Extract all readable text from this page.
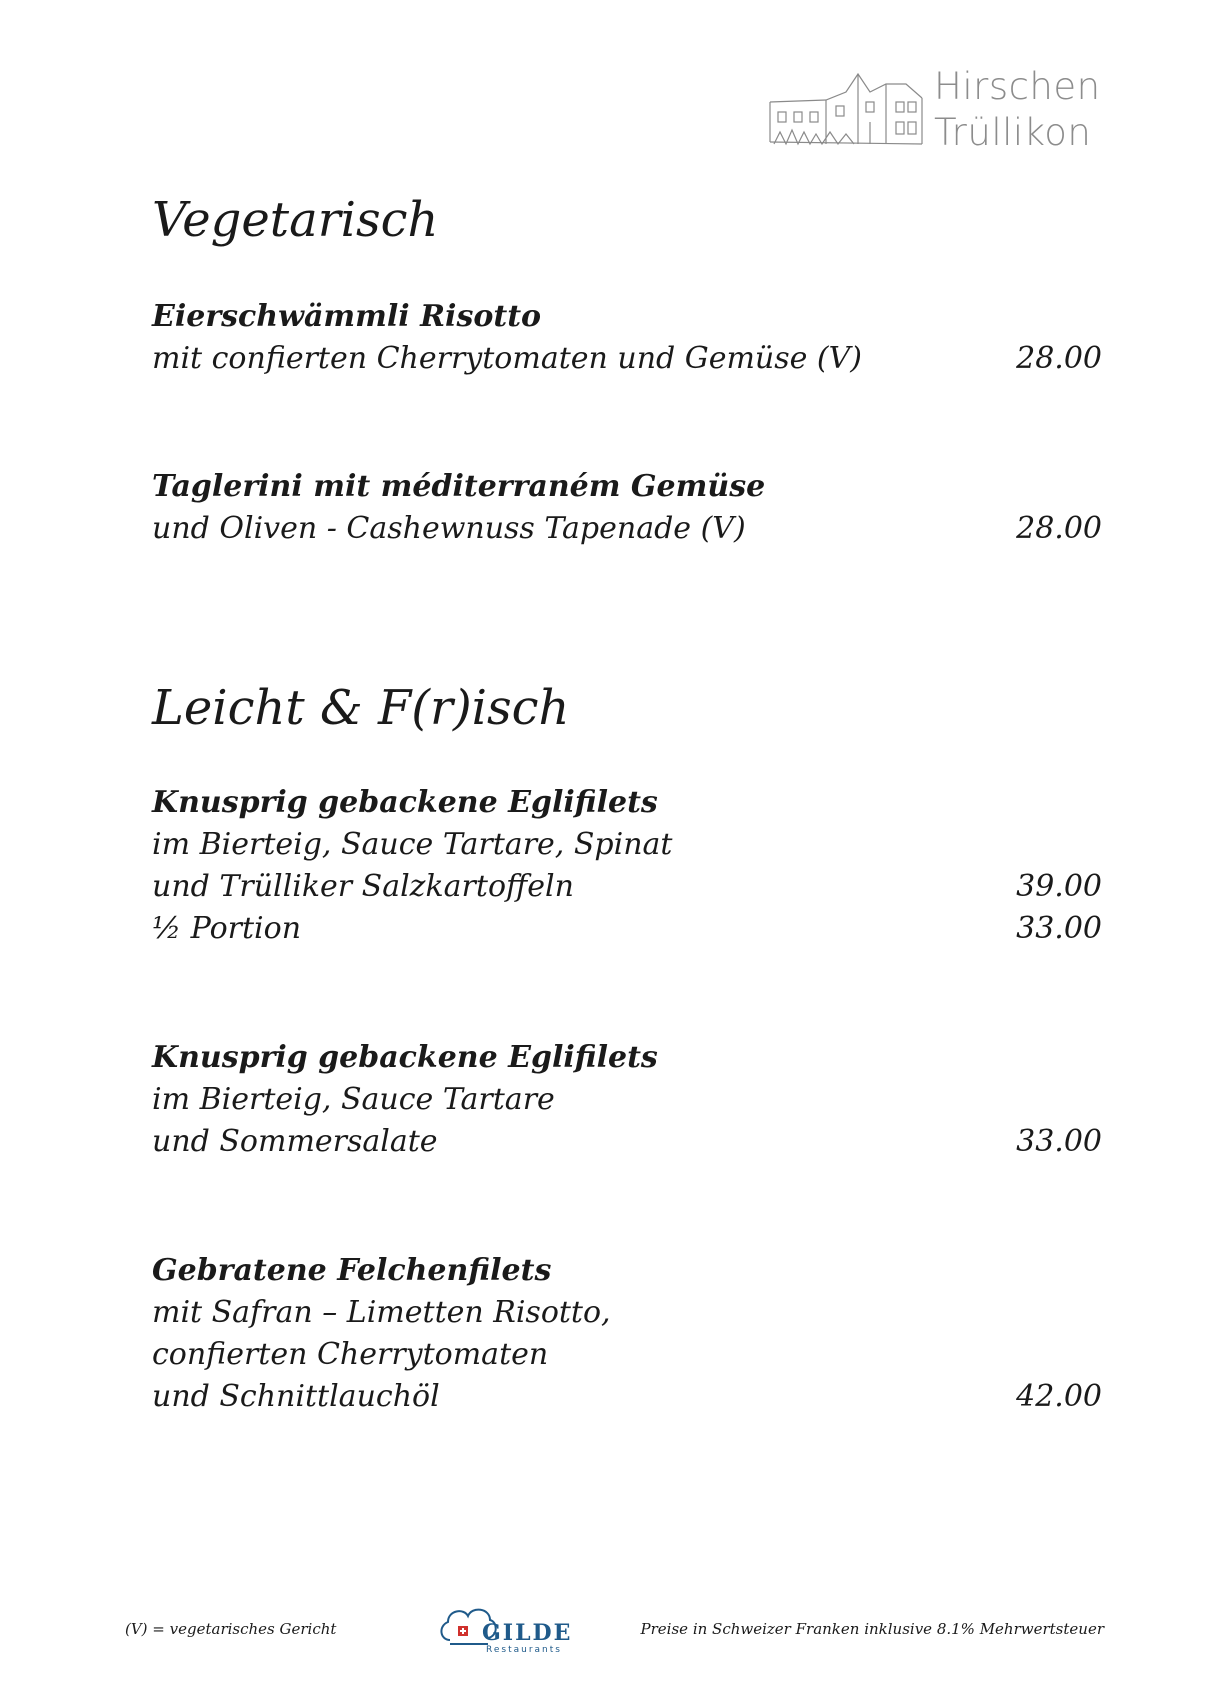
Hirschen
Trüllikon
Vegetarisch
Eierschwämmli Risotto
mit confierten Cherrytomaten und Gemüse (V)	28.00
Taglerini mit méditerraném Gemüse
und Oliven - Cashewnuss Tapenade (V)	28.00
Leicht & F(r)isch
Knusprig gebackene Eglifilets
im Bierteig, Sauce Tartare, Spinat
und Trülliker Salzkartoffeln	39.00
½ Portion	33.00
Knusprig gebackene Eglifilets
im Bierteig, Sauce Tartare
und Sommersalate	33.00
Gebratene Felchenfilets
mit Safran – Limetten Risotto,
confierten Cherrytomaten
und Schnittlauchöl	42.00
(V) = vegetarisches Gericht	GILDE
Restaurants
Preise in Schweizer Franken inklusive 8.1% Mehrwertsteuer
